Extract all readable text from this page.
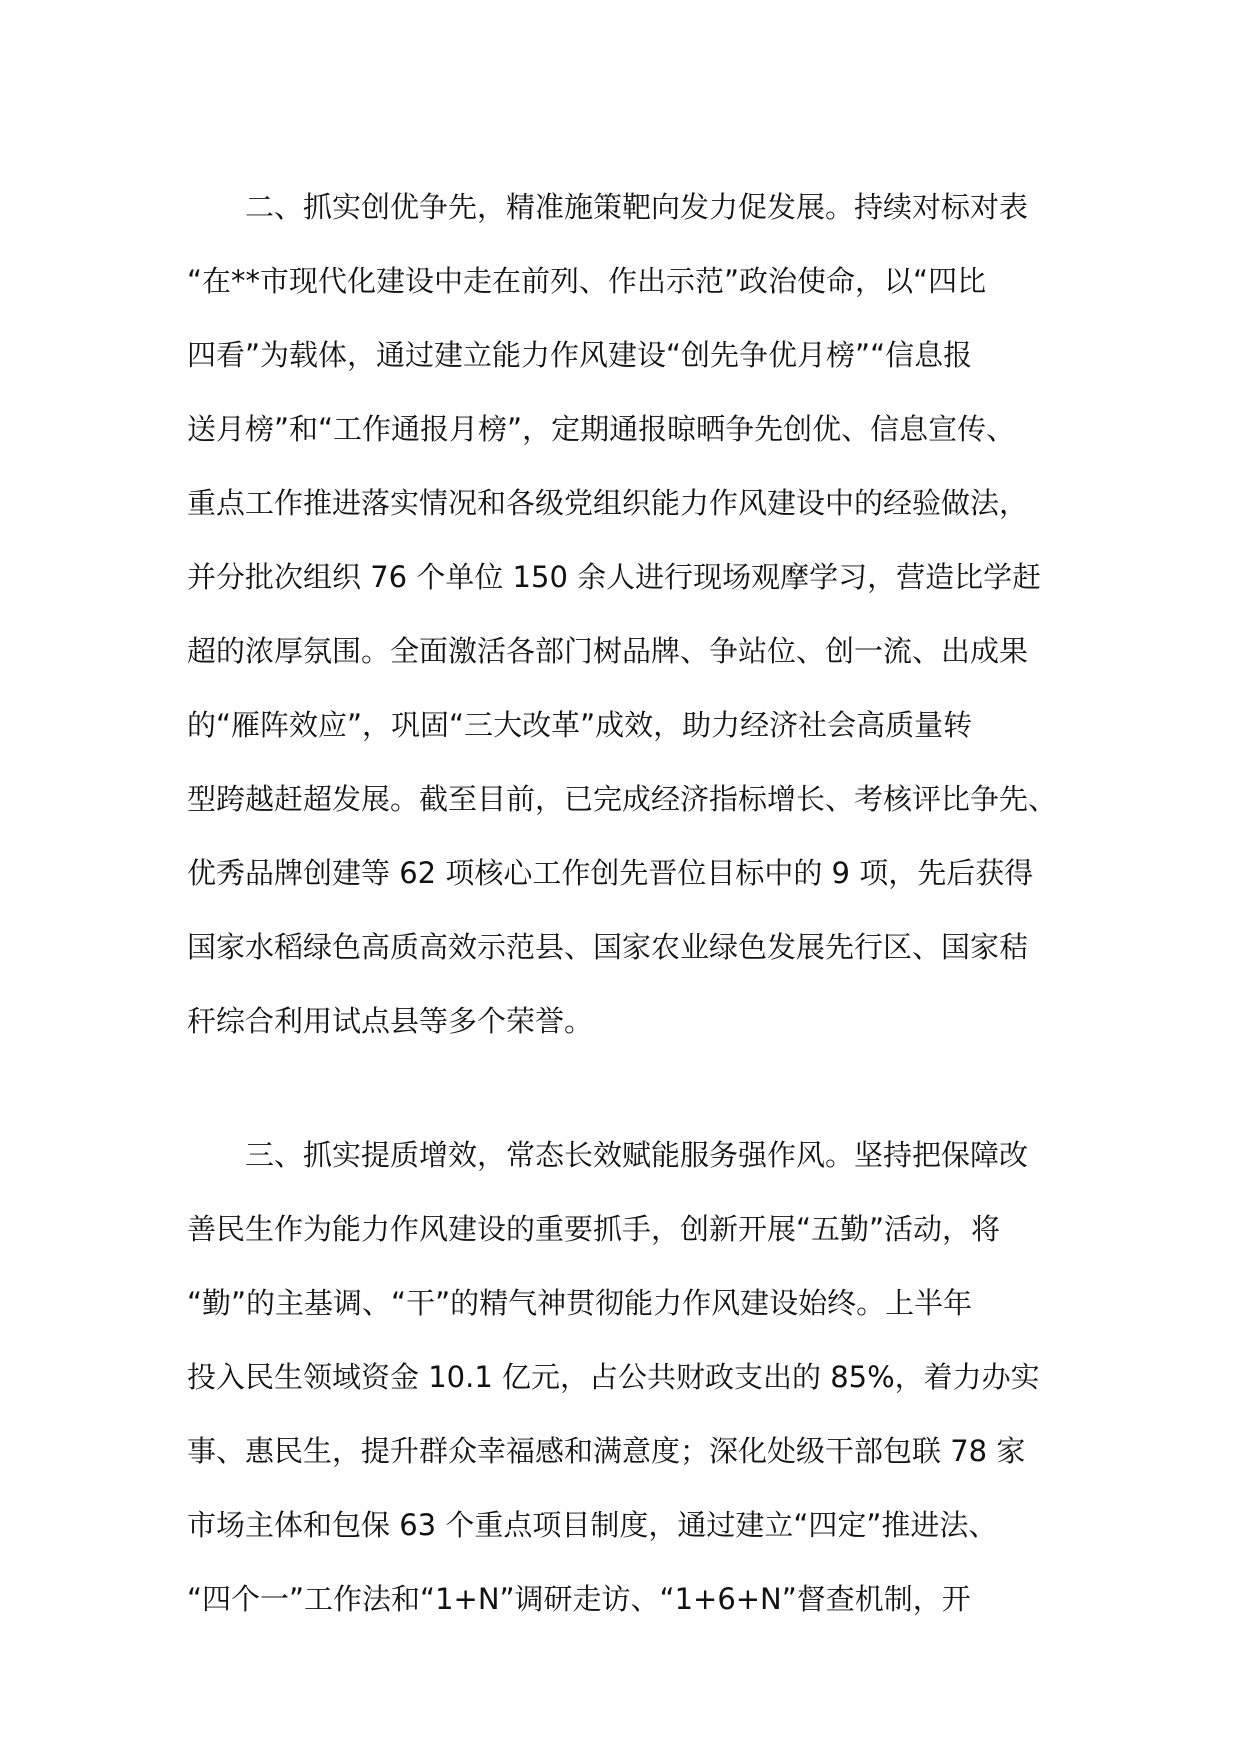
二、抓实创优争先，精准施策靶向发力促发展。持续对标对表
“在**市现代化建设中走在前列、作出示范”政治使命，以“四比
四看”为载体，通过建立能力作风建设“创先争优月榜”“信息报
送月榜”和“工作通报月榜”，定期通报晾晒争先创优、信息宣传、
重点工作推进落实情况和各级党组织能力作风建设中的经验做法，
并分批次组织 76 个单位 150 余人进行现场观摩学习，营造比学赶
超的浓厚氛围。全面激活各部门树品牌、争站位、创一流、出成果
的“雁阵效应”，巩固“三大改革”成效，助力经济社会高质量转
型跨越赶超发展。截至目前，已完成经济指标增长、考核评比争先、
优秀品牌创建等 62 项核心工作创先晋位目标中的 9 项，先后获得
国家水稻绿色高质高效示范县、国家农业绿色发展先行区、国家秸
秆综合利用试点县等多个荣誉。
三、抓实提质增效，常态长效赋能服务强作风。坚持把保障改
善民生作为能力作风建设的重要抓手，创新开展“五勤”活动，将
“勤”的主基调、“干”的精气神贯彻能力作风建设始终。上半年
投入民生领域资金 10.1 亿元，占公共财政支出的 85%，着力办实
事、惠民生，提升群众幸福感和满意度；深化处级干部包联 78 家
市场主体和包保 63 个重点项目制度，通过建立“四定”推进法、
“四个一”工作法和“1+N”调研走访、“1+6+N”督查机制，开
